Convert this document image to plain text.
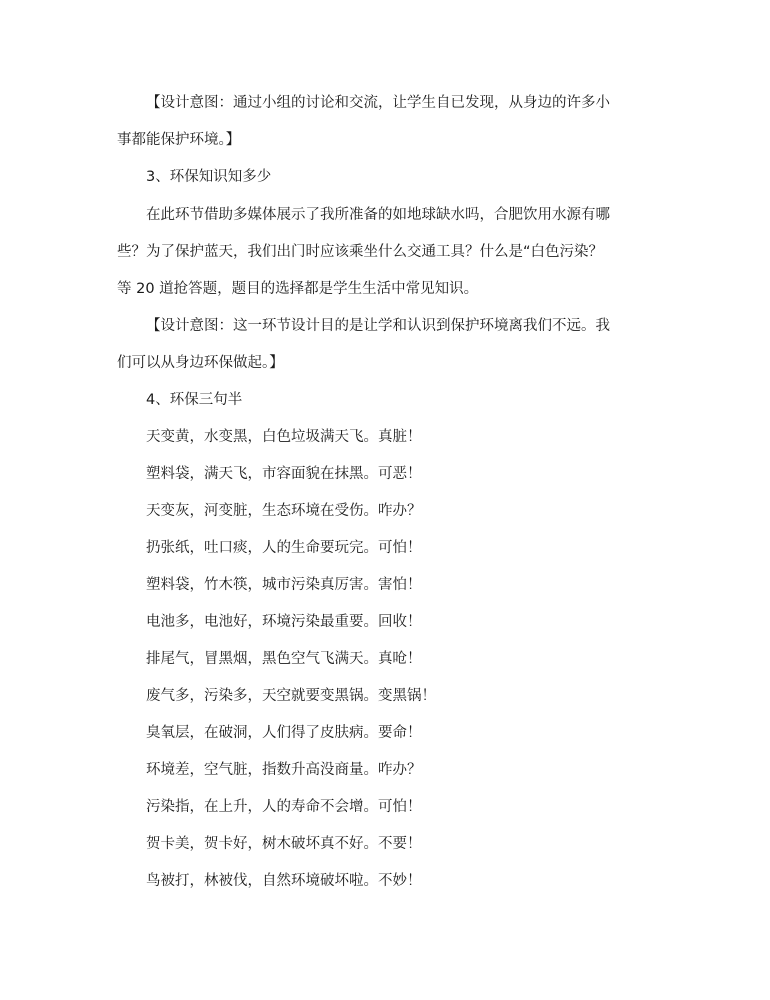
【设计意图：通过小组的讨论和交流，让学生自已发现，从身边的许多小
事都能保护环境。】
3、环保知识知多少
在此环节借助多媒体展示了我所准备的如地球缺水吗，合肥饮用水源有哪
些？为了保护蓝天，我们出门时应该乘坐什么交通工具？什么是“白色污染？
等 20 道抢答题，题目的选择都是学生生活中常见知识。
【设计意图：这一环节设计目的是让学和认识到保护环境离我们不远。我
们可以从身边环保做起。】
4、环保三句半
天变黄，水变黑，白色垃圾满天飞。真脏！
塑料袋，满天飞，市容面貌在抹黑。可恶！
天变灰，河变脏，生态环境在受伤。咋办？
扔张纸，吐口痰，人的生命要玩完。可怕！
塑料袋，竹木筷，城市污染真厉害。害怕！
电池多，电池好，环境污染最重要。回收！
排尾气，冒黑烟，黑色空气飞满天。真呛！
废气多，污染多，天空就要变黑锅。变黑锅！
臭氧层，在破洞，人们得了皮肤病。要命！
环境差，空气脏，指数升高没商量。咋办？
污染指，在上升，人的寿命不会增。可怕！
贺卡美，贺卡好，树木破坏真不好。不要！
鸟被打，林被伐，自然环境破坏啦。不妙！
